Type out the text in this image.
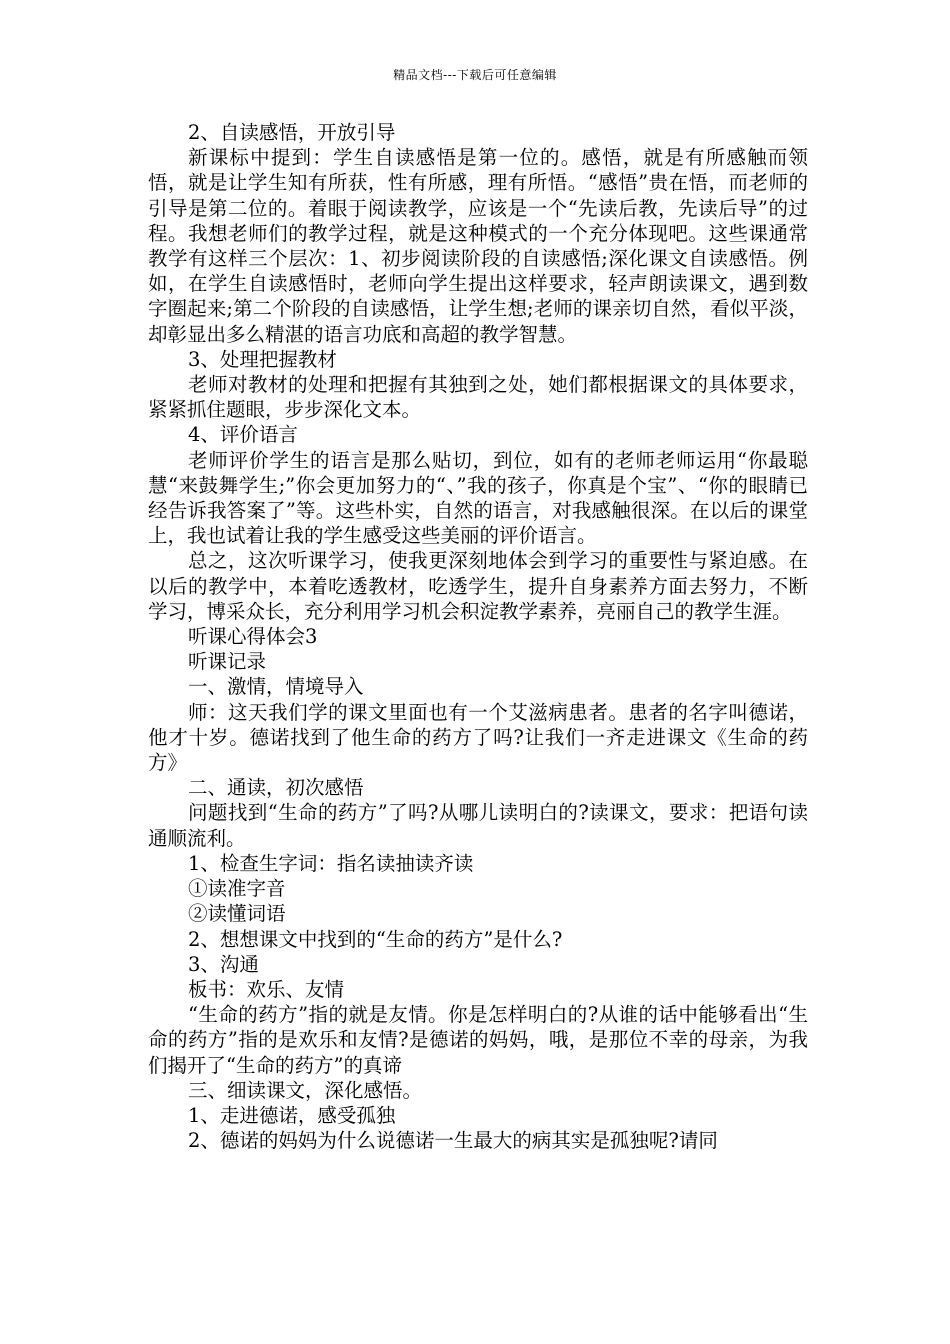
精品文档---下载后可任意编辑

2、自读感悟，开放引导

新课标中提到：学生自读感悟是第一位的。感悟，就是有所感触而领悟，就是让学生知有所获，性有所感，理有所悟。“感悟”贵在悟，而老师的引导是第二位的。着眼于阅读教学，应该是一个“先读后教，先读后导”的过程。我想老师们的教学过程，就是这种模式的一个充分体现吧。这些课通常教学有这样三个层次：1、初步阅读阶段的自读感悟;深化课文自读感悟。例如，在学生自读感悟时，老师向学生提出这样要求，轻声朗读课文，遇到数字圈起来;第二个阶段的自读感悟，让学生想;老师的课亲切自然，看似平淡，却彰显出多么精湛的语言功底和高超的教学智慧。

3、处理把握教材

老师对教材的处理和把握有其独到之处，她们都根据课文的具体要求，紧紧抓住题眼，步步深化文本。

4、评价语言

老师评价学生的语言是那么贴切，到位，如有的老师老师运用“你最聪慧“来鼓舞学生;”你会更加努力的“、”我的孩子，你真是个宝”、“你的眼睛已经告诉我答案了”等。这些朴实，自然的语言，对我感触很深。在以后的课堂上，我也试着让我的学生感受这些美丽的评价语言。

总之，这次听课学习，使我更深刻地体会到学习的重要性与紧迫感。在以后的教学中，本着吃透教材，吃透学生，提升自身素养方面去努力，不断学习，博采众长，充分利用学习机会积淀教学素养，亮丽自己的教学生涯。

听课心得体会3

听课记录

一、激情，情境导入

师：这天我们学的课文里面也有一个艾滋病患者。患者的名字叫德诺，他才十岁。德诺找到了他生命的药方了吗?让我们一齐走进课文《生命的药方》

二、通读，初次感悟

问题找到“生命的药方”了吗?从哪儿读明白的?读课文，要求：把语句读通顺流利。

1、检查生字词：指名读抽读齐读

①读准字音

②读懂词语

2、想想课文中找到的“生命的药方”是什么?

3、沟通

板书：欢乐、友情

“生命的药方”指的就是友情。你是怎样明白的?从谁的话中能够看出“生命的药方”指的是欢乐和友情?是德诺的妈妈，哦，是那位不幸的母亲，为我们揭开了“生命的药方”的真谛

三、细读课文，深化感悟。

1、走进德诺，感受孤独

2、德诺的妈妈为什么说德诺一生最大的病其实是孤独呢?请同
